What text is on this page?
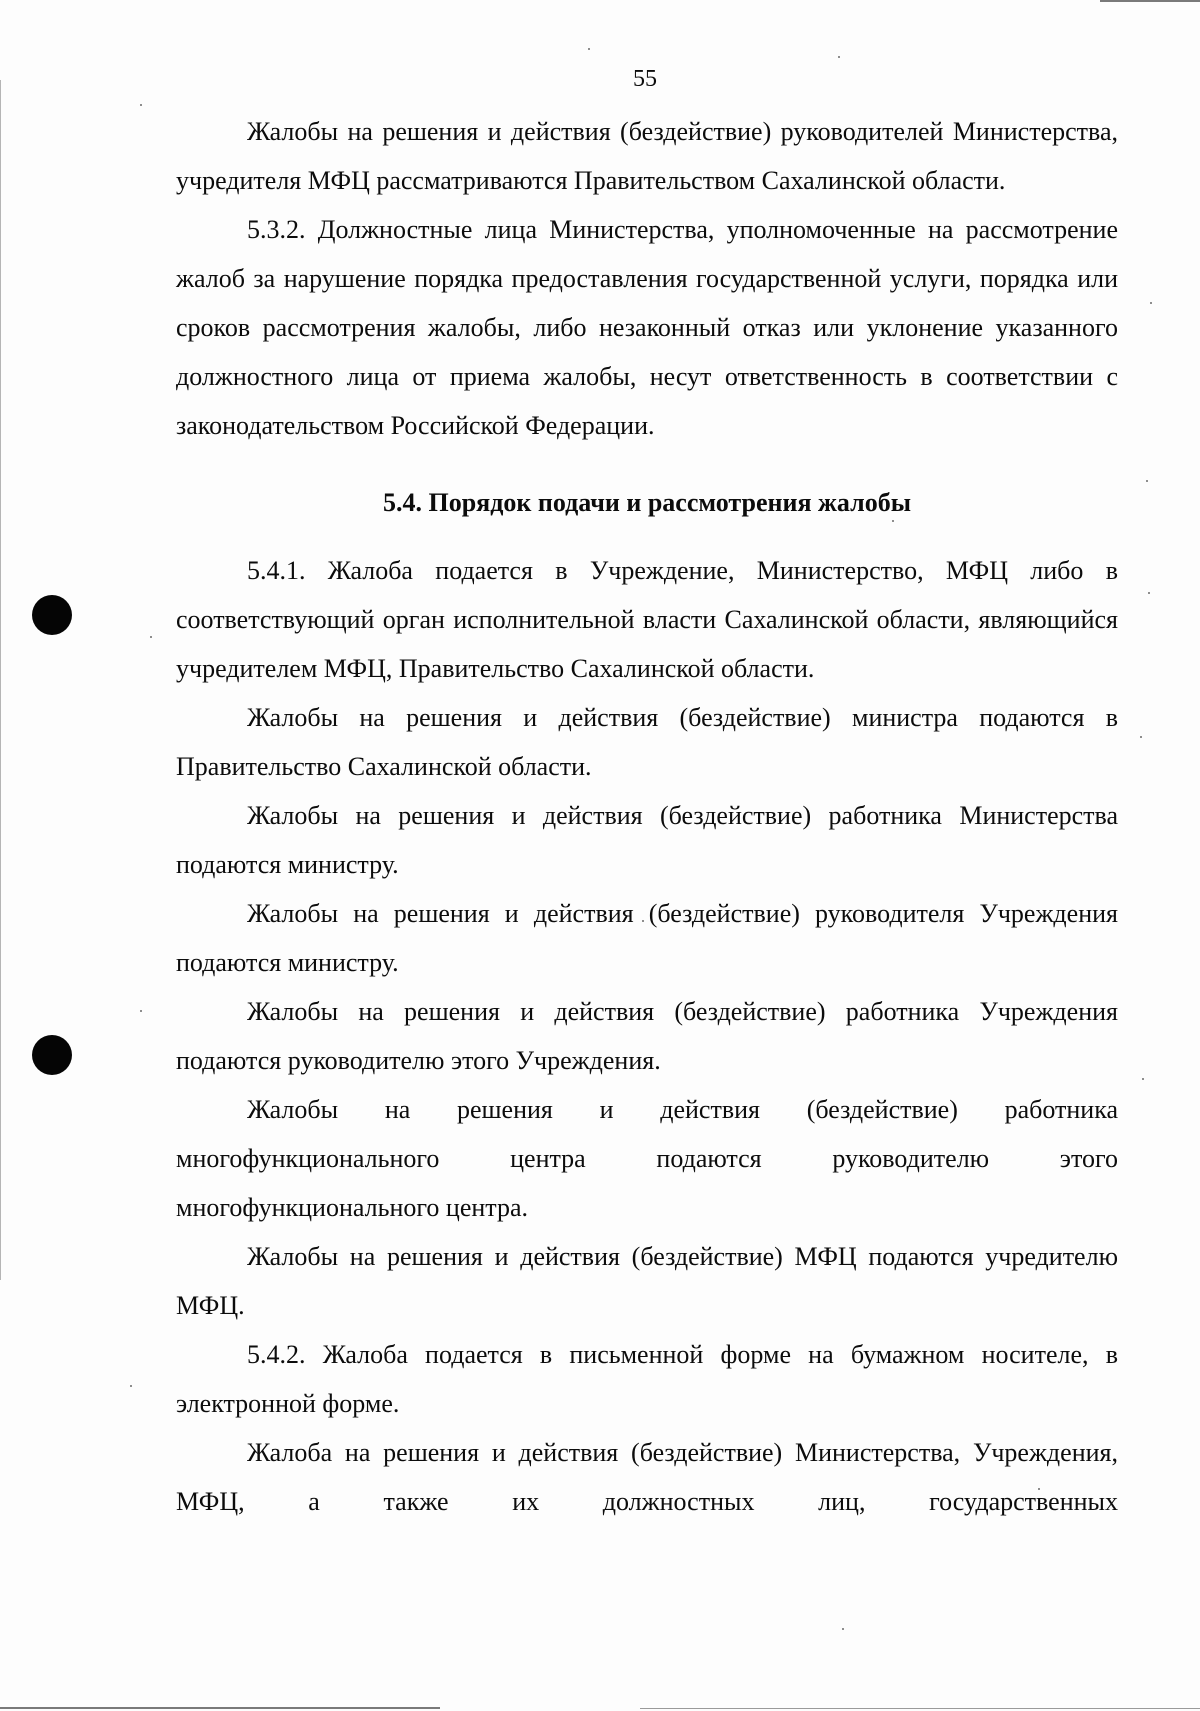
55

Жалобы на решения и действия (бездействие) руководителей Министерства, учредителя МФЦ рассматриваются Правительством Сахалинской области.

5.3.2. Должностные лица Министерства, уполномоченные на рассмотрение жалоб за нарушение порядка предоставления государственной услуги, порядка или сроков рассмотрения жалобы, либо незаконный отказ или уклонение указанного должностного лица от приема жалобы, несут ответственность в соответствии с законодательством Российской Федерации.

5.4. Порядок подачи и рассмотрения жалобы

5.4.1. Жалоба подается в Учреждение, Министерство, МФЦ либо в соответствующий орган исполнительной власти Сахалинской области, являющийся учредителем МФЦ, Правительство Сахалинской области.

Жалобы на решения и действия (бездействие) министра подаются в Правительство Сахалинской области.

Жалобы на решения и действия (бездействие) работника Министерства подаются министру.

Жалобы на решения и действия (бездействие) руководителя Учреждения подаются министру.

Жалобы на решения и действия (бездействие) работника Учреждения подаются руководителю этого Учреждения.

Жалобы на решения и действия (бездействие) работника многофункционального центра подаются руководителю этого многофункционального центра.

Жалобы на решения и действия (бездействие) МФЦ подаются учредителю МФЦ.

5.4.2. Жалоба подается в письменной форме на бумажном носителе, в электронной форме.

Жалоба на решения и действия (бездействие) Министерства, Учреждения, МФЦ, а также их должностных лиц, государственных
